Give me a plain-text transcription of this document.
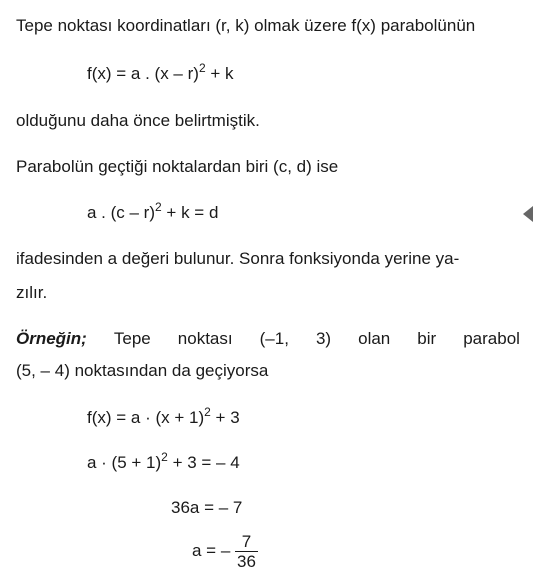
Tepe noktası koordinatları (r, k) olmak üzere f(x) parabolünün
f(x) = a . (x – r)$^2$ + k
olduğunu daha önce belirtmiştik.
Parabolün geçtiği noktalardan biri (c, d) ise
a . (c – r)$^2$ + k = d
ifadesinden a değeri bulunur. Sonra fonksiyonda yerine ya-
zılır.
Örneğin; Tepe noktası (–1, 3) olan bir parabol
(5, – 4) noktasından da geçiyorsa
$f(x) = a \cdot (x + 1)^2 + 3$
$a \cdot (5 + 1)^2 + 3$ = – 4
36a = – 7
a = – $\frac{7}{36}$
